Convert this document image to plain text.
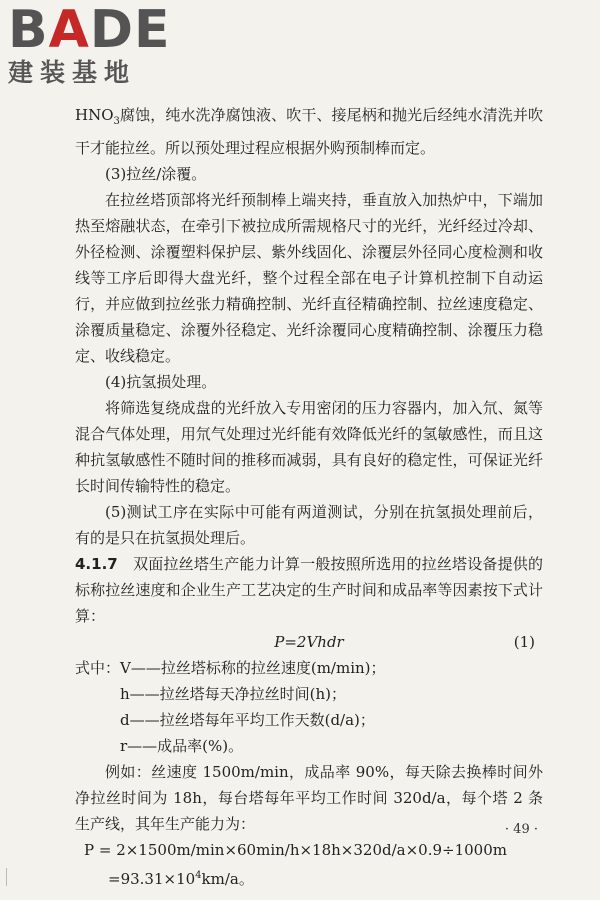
BADE
建装基地

$HNO_3$腐蚀，纯水洗净腐蚀液、吹干、接尾柄和抛光后经纯水清洗并吹干才能拉丝。所以预处理过程应根据外购预制棒而定。

(3)拉丝/涂覆。

在拉丝塔顶部将光纤预制棒上端夹持，垂直放入加热炉中，下端加热至熔融状态，在牵引下被拉成所需规格尺寸的光纤，光纤经过冷却、外径检测、涂覆塑料保护层、紫外线固化、涂覆层外径同心度检测和收线等工序后即得大盘光纤，整个过程全部在电子计算机控制下自动运行，并应做到拉丝张力精确控制、光纤直径精确控制、拉丝速度稳定、涂覆质量稳定、涂覆外径稳定、光纤涂覆同心度精确控制、涂覆压力稳定、收线稳定。

(4)抗氢损处理。

将筛选复绕成盘的光纤放入专用密闭的压力容器内，加入氘、氮等混合气体处理，用氘气处理过光纤能有效降低光纤的氢敏感性，而且这种抗氢敏感性不随时间的推移而减弱，具有良好的稳定性，可保证光纤长时间传输特性的稳定。

(5)测试工序在实际中可能有两道测试，分别在抗氢损处理前后，有的是只在抗氢损处理后。

4.1.7　 双面拉丝塔生产能力计算一般按照所选用的拉丝塔设备提供的标称拉丝速度和企业生产工艺决定的生产时间和成品率等因素按下式计算：

P=2Vhdr	(1)

式中：V——拉丝塔标称的拉丝速度(m/min)；

h——拉丝塔每天净拉丝时间(h)；

d——拉丝塔每年平均工作天数(d/a)；

r——成品率(%)。

例如：丝速度 1500m/min，成品率 90%，每天除去换棒时间外净拉丝时间为 18h，每台塔每年平均工作时间 320d/a，每个塔 2 条生产线，其年生产能力为：

P = 2×1500m/min×60min/h×18h×320d/a×0.9÷1000m

$=93.31\times 10^4km/a$。

· 49 ·
